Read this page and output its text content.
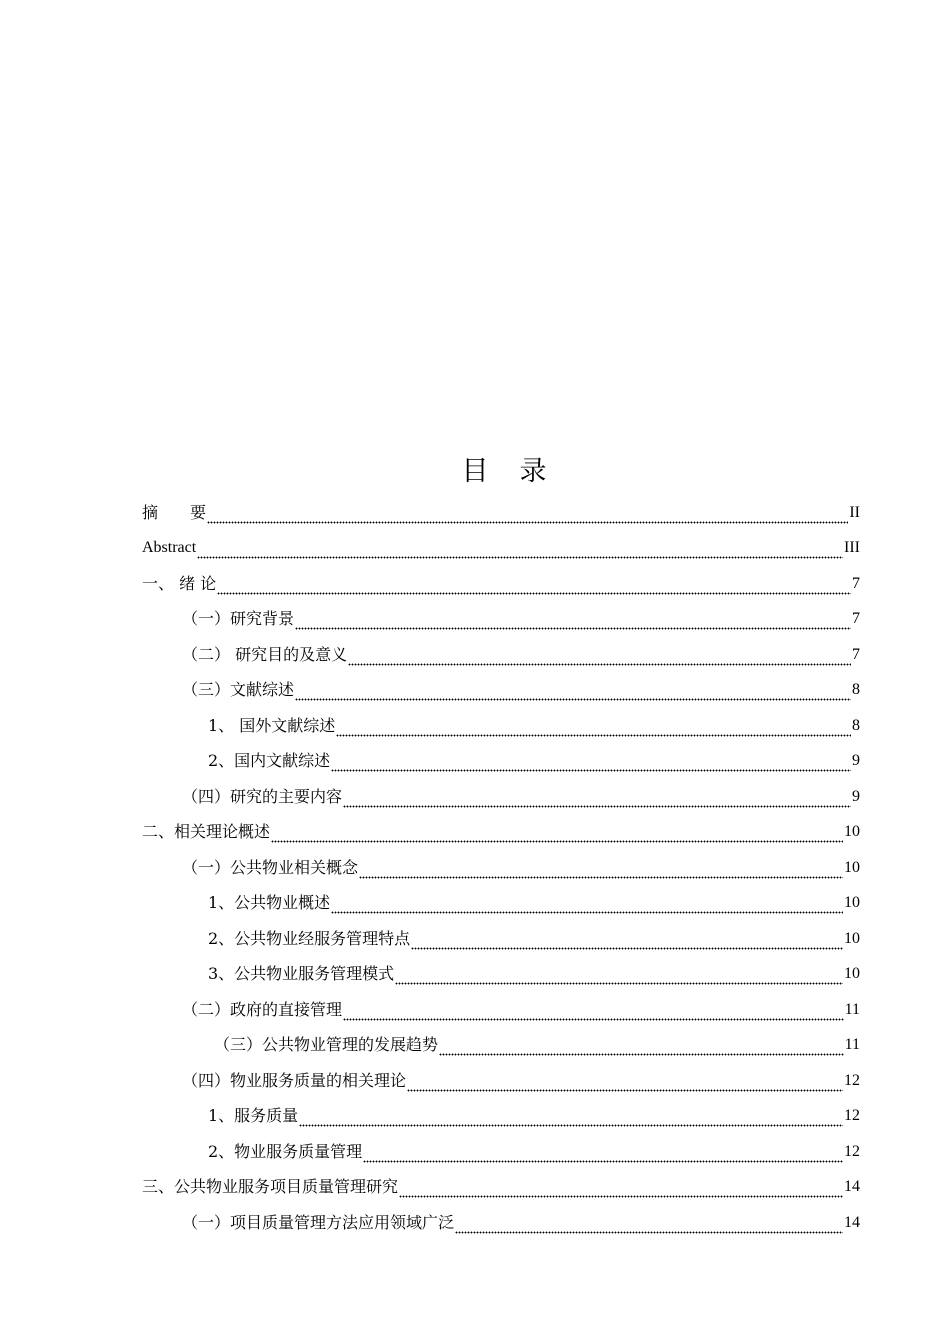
目　录
摘　　要	II
Abstract	III
一、 绪 论	7
（一）研究背景	7
（二） 研究目的及意义	7
（三）文献综述	8
1、 国外文献综述	8
2、国内文献综述	9
（四）研究的主要内容	9
二、相关理论概述	10
（一）公共物业相关概念	10
1、公共物业概述	10
2、公共物业经服务管理特点	10
3、公共物业服务管理模式	10
（二）政府的直接管理	11
（三）公共物业管理的发展趋势	11
（四）物业服务质量的相关理论	12
1、服务质量	12
2、物业服务质量管理	12
三、公共物业服务项目质量管理研究	14
（一）项目质量管理方法应用领域广泛	14
